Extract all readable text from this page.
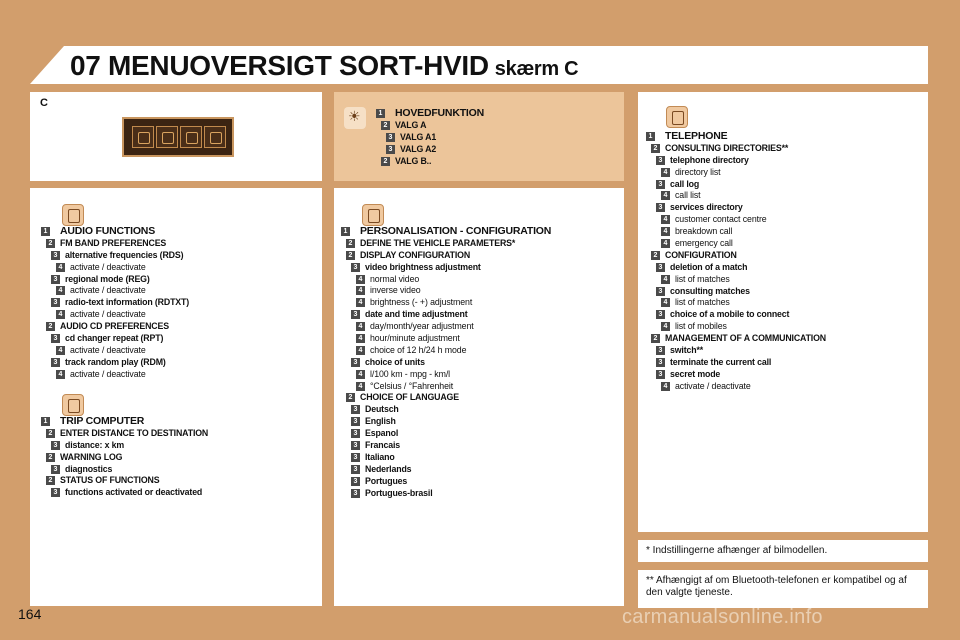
07 MENUOVERSIGT SORT-HVID skærm C
C
☀
1 HOVEDFUNKTION
2 VALG A
3 VALG A1
3 VALG A2
2 VALG B..
1 AUDIO FUNCTIONS
2 FM BAND PREFERENCES
3 alternative frequencies (RDS)
4 activate / deactivate
3 regional mode (REG)
4 activate / deactivate
3 radio-text information (RDTXT)
4 activate / deactivate
2 AUDIO CD PREFERENCES
3 cd changer repeat (RPT)
4 activate / deactivate
3 track random play (RDM)
4 activate / deactivate
1 TRIP COMPUTER
2 ENTER DISTANCE TO DESTINATION
3 distance: x km
2 WARNING LOG
3 diagnostics
2 STATUS OF FUNCTIONS
3 functions activated or deactivated
1 PERSONALISATION - CONFIGURATION
2 DEFINE THE VEHICLE PARAMETERS*
2 DISPLAY CONFIGURATION
3 video brightness adjustment
4 normal video
4 inverse video
4 brightness (- +) adjustment
3 date and time adjustment
4 day/month/year adjustment
4 hour/minute adjustment
4 choice of 12 h/24 h mode
3 choice of units
4 l/100 km - mpg - km/l
4 °Celsius / °Fahrenheit
2 CHOICE OF LANGUAGE
3 Deutsch
3 English
3 Espanol
3 Francais
3 Italiano
3 Nederlands
3 Portugues
3 Portugues-brasil
1 TELEPHONE
2 CONSULTING DIRECTORIES**
3 telephone directory
4 directory list
3 call log
4 call list
3 services directory
4 customer contact centre
4 breakdown call
4 emergency call
2 CONFIGURATION
3 deletion of a match
4 list of matches
3 consulting matches
4 list of matches
3 choice of a mobile to connect
4 list of mobiles
2 MANAGEMENT OF A COMMUNICATION
3 switch**
3 terminate the current call
3 secret mode
4 activate / deactivate
* Indstillingerne afhænger af bilmodellen.
** Afhængigt af om Bluetooth-telefonen er kompatibel og af den valgte tjeneste.
164	carmanualsonline.info
